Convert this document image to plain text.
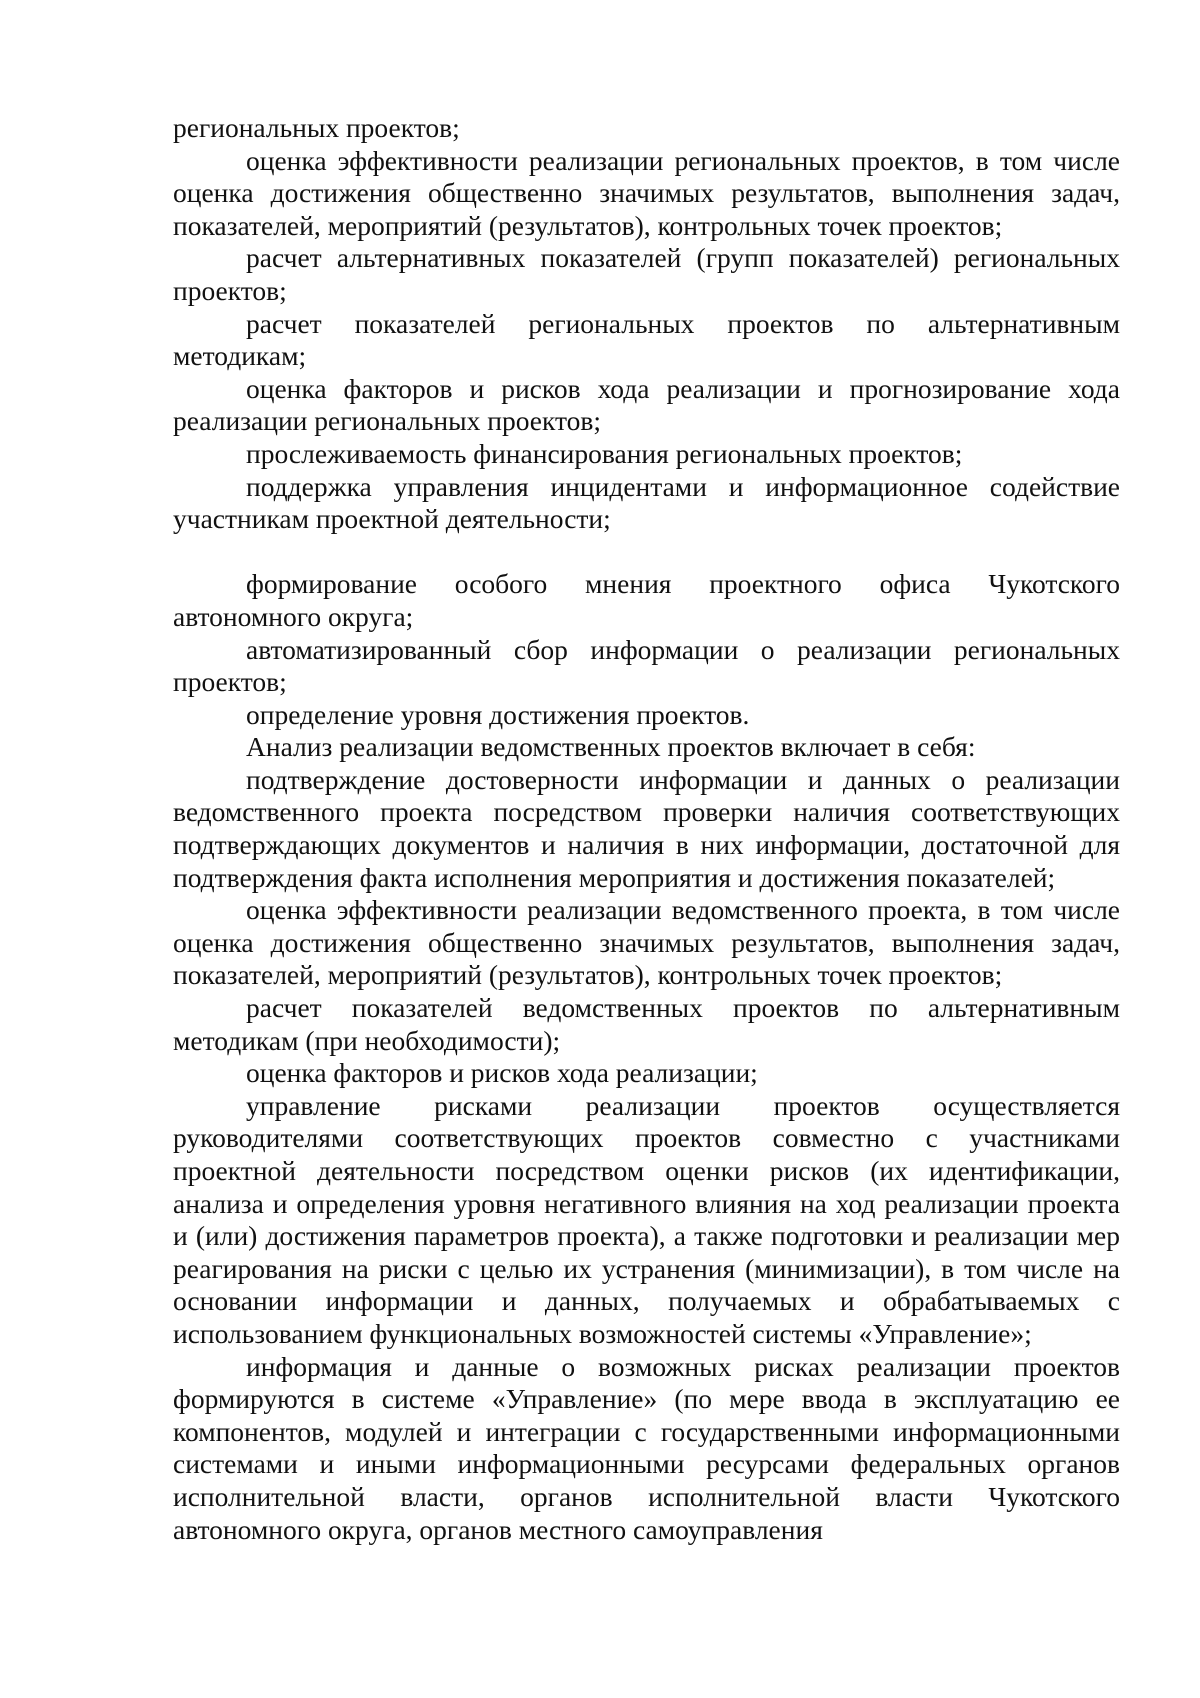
региональных проектов;

оценка эффективности реализации региональных проектов, в том числе оценка достижения общественно значимых результатов, выполнения задач, показателей, мероприятий (результатов), контрольных точек проектов;

расчет альтернативных показателей (групп показателей) региональных проектов;

расчет показателей региональных проектов по альтернативным методикам;

оценка факторов и рисков хода реализации и прогнозирование хода реализации региональных проектов;

прослеживаемость финансирования региональных проектов;

поддержка управления инцидентами и информационное содействие участникам проектной деятельности;

формирование особого мнения проектного офиса Чукотского автономного округа;

автоматизированный сбор информации о реализации региональных проектов;

определение уровня достижения проектов.

Анализ реализации ведомственных проектов включает в себя:

подтверждение достоверности информации и данных о реализации ведомственного проекта посредством проверки наличия соответствующих подтверждающих документов и наличия в них информации, достаточной для подтверждения факта исполнения мероприятия и достижения показателей;

оценка эффективности реализации ведомственного проекта, в том числе оценка достижения общественно значимых результатов, выполнения задач, показателей, мероприятий (результатов), контрольных точек проектов;

расчет показателей ведомственных проектов по альтернативным методикам (при необходимости);

оценка факторов и рисков хода реализации;

управление рисками реализации проектов осуществляется руководителями соответствующих проектов совместно с участниками проектной деятельности посредством оценки рисков (их идентификации, анализа и определения уровня негативного влияния на ход реализации проекта и (или) достижения параметров проекта), а также подготовки и реализации мер реагирования на риски с целью их устранения (минимизации), в том числе на основании информации и данных, получаемых и обрабатываемых с использованием функциональных возможностей системы «Управление»;

информация и данные о возможных рисках реализации проектов формируются в системе «Управление» (по мере ввода в эксплуатацию ее компонентов, модулей и интеграции с государственными информационными системами и иными информационными ресурсами федеральных органов исполнительной власти, органов исполнительной власти Чукотского автономного округа, органов местного самоуправления
